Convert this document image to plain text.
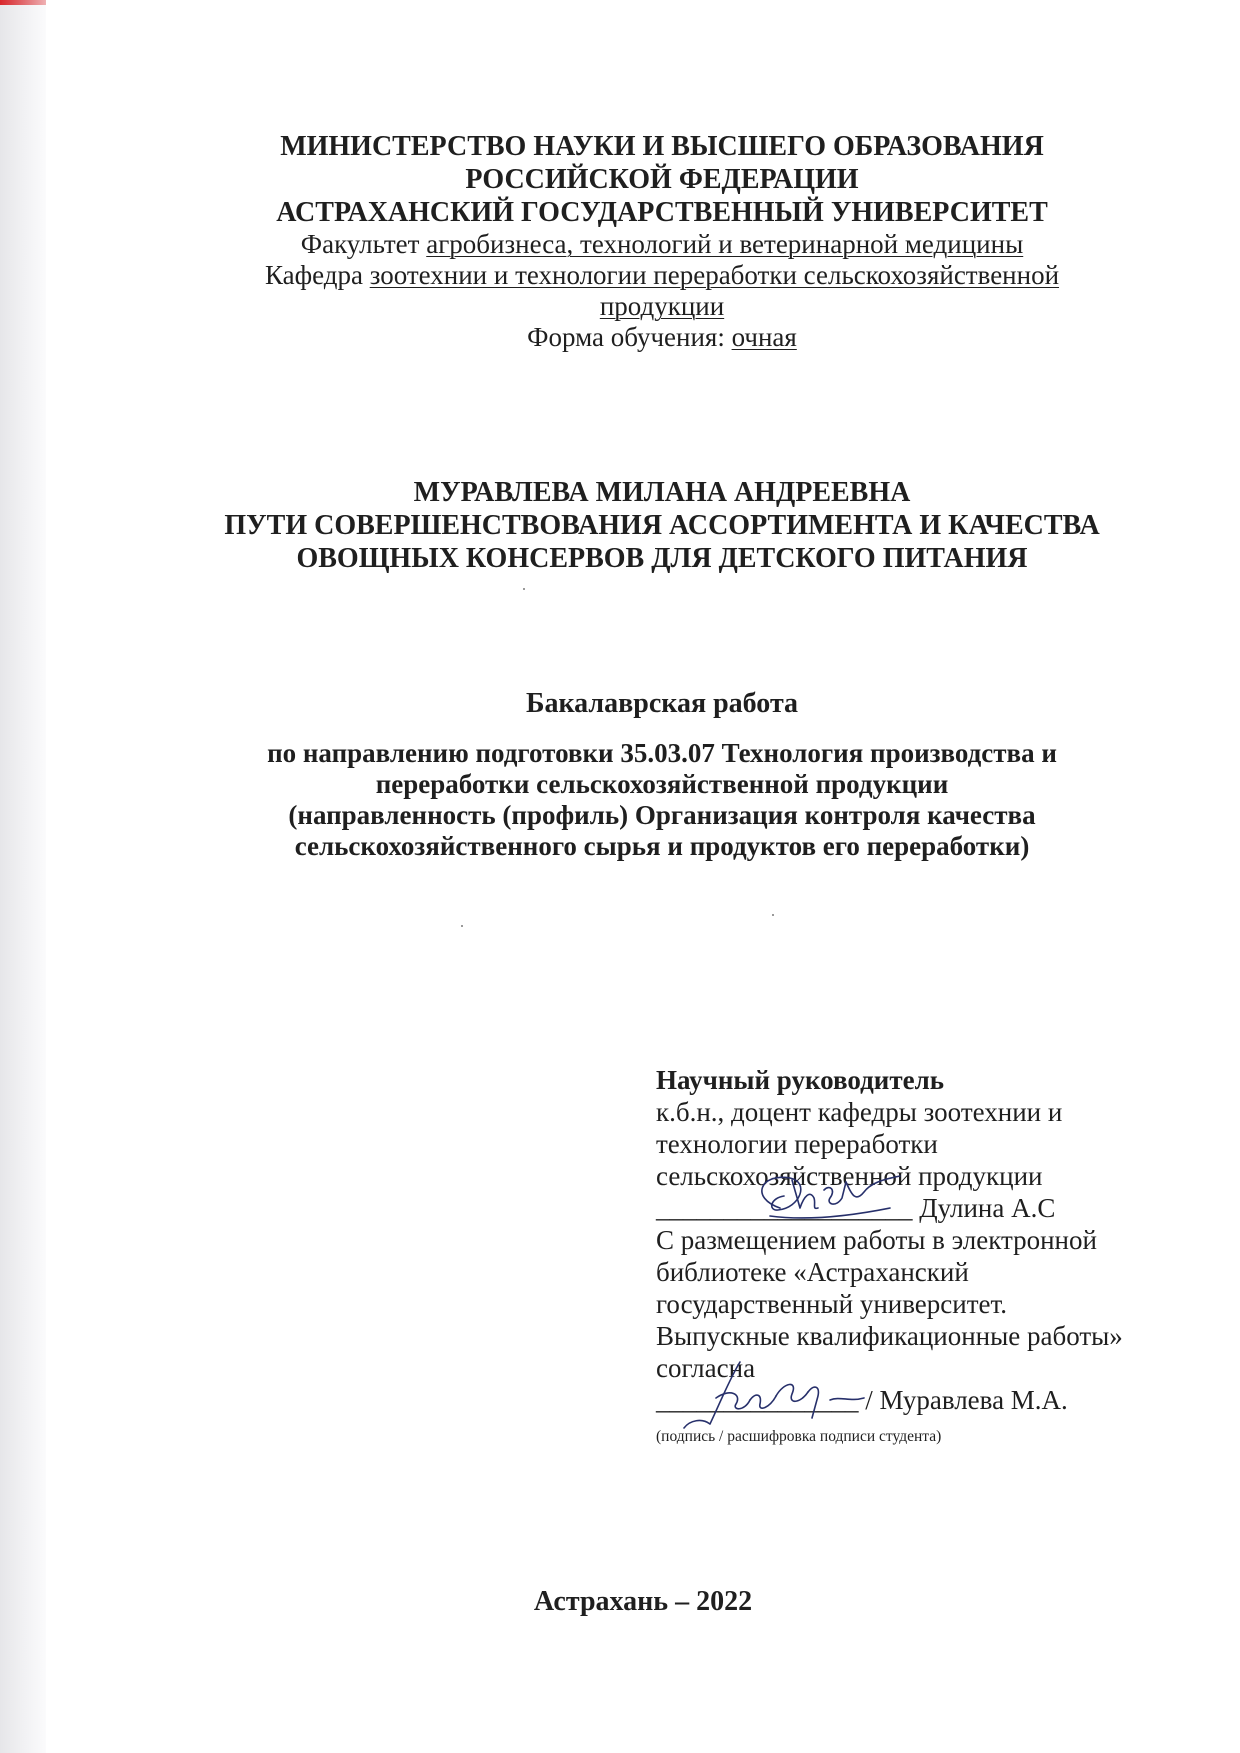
МИНИСТЕРСТВО НАУКИ И ВЫСШЕГО ОБРАЗОВАНИЯ
РОССИЙСКОЙ ФЕДЕРАЦИИ
АСТРАХАНСКИЙ ГОСУДАРСТВЕННЫЙ УНИВЕРСИТЕТ
Факультет агробизнеса, технологий и ветеринарной медицины
Кафедра зоотехнии и технологии переработки сельскохозяйственной
продукции
Форма обучения: очная
МУРАВЛЕВА МИЛАНА АНДРЕЕВНА
ПУТИ СОВЕРШЕНСТВОВАНИЯ АССОРТИМЕНТА И КАЧЕСТВА
ОВОЩНЫХ КОНСЕРВОВ ДЛЯ ДЕТСКОГО ПИТАНИЯ
Бакалаврская работа
по направлению подготовки 35.03.07 Технология производства и
переработки сельскохозяйственной продукции
(направленность (профиль) Организация контроля качества
сельскохозяйственного сырья и продуктов его переработки)
Научный руководитель
к.б.н., доцент кафедры зоотехнии и
технологии переработки
сельскохозяйственной продукции
___________________ Дулина А.С
С размещением работы в электронной
библиотеке «Астраханский
государственный университет.
Выпускные квалификационные работы»
согласна
_______________ / Муравлева М.А.
(подпись / расшифровка подписи студента)
Астрахань – 2022
